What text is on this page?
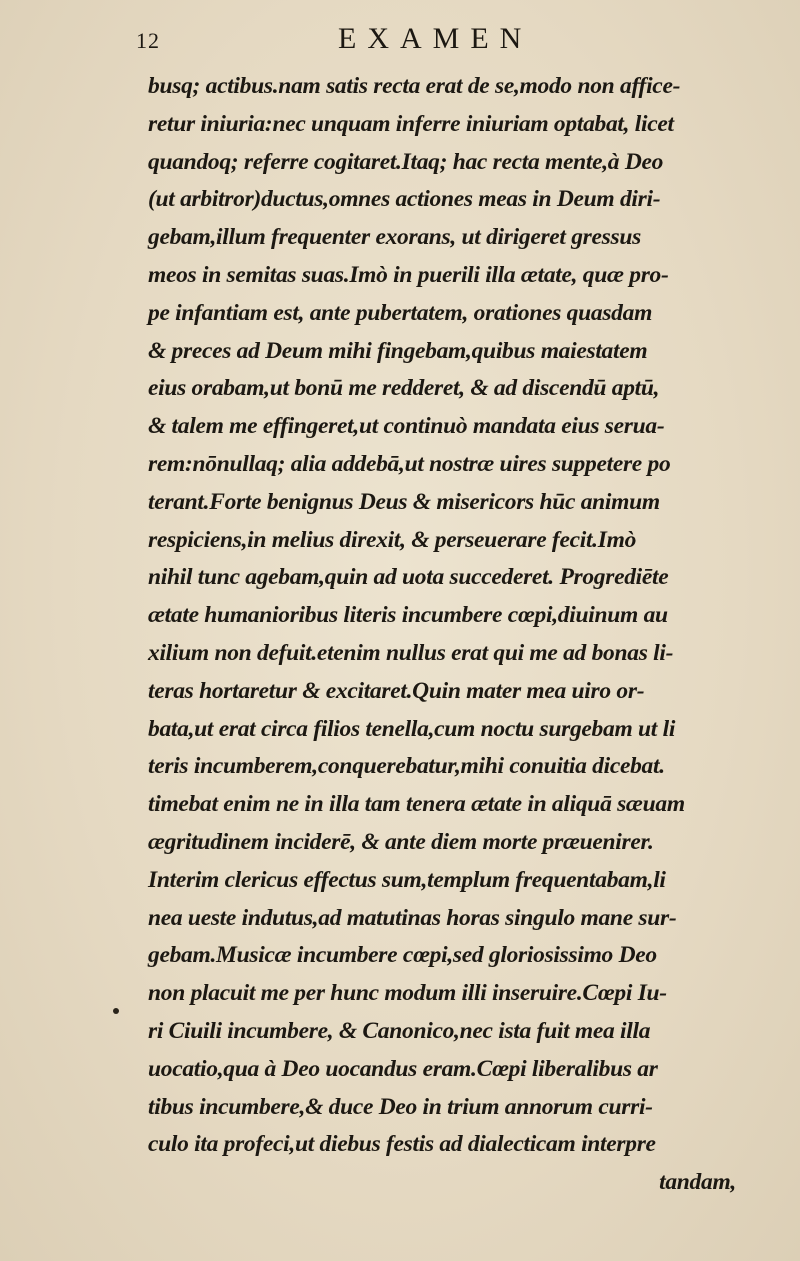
12	EXAMEN
busq; actibus.nam satis recta erat de se,modo non affice-
retur iniuria:nec unquam inferre iniuriam optabat, licet
quandoq; referre cogitaret.Itaq; hac recta mente,à Deo
(ut arbitror)ductus,omnes actiones meas in Deum diri-
gebam,illum frequenter exorans, ut dirigeret gressus
meos in semitas suas.Imò in puerili illa ætate, quæ pro-
pe infantiam est, ante pubertatem, orationes quasdam
& preces ad Deum mihi fingebam,quibus maiestatem
eius orabam,ut bonū me redderet, & ad discendū aptū,
& talem me effingeret,ut continuò mandata eius serua-
rem:nōnullaq; alia addebā,ut nostræ uires suppetere po
terant.Forte benignus Deus & misericors hūc animum
respiciens,in melius direxit, & perseuerare fecit.Imò
nihil tunc agebam,quin ad uota succederet. Progrediēte
ætate humanioribus literis incumbere cœpi,diuinum au
xilium non defuit.etenim nullus erat qui me ad bonas li-
teras hortaretur & excitaret.Quin mater mea uiro or-
bata,ut erat circa filios tenella,cum noctu surgebam ut li
teris incumberem,conquerebatur,mihi conuitia dicebat.
timebat enim ne in illa tam tenera ætate in aliquā sæuam
ægritudinem inciderē, & ante diem morte præuenirer.
Interim clericus effectus sum,templum frequentabam,li
nea ueste indutus,ad matutinas horas singulo mane sur-
gebam.Musicæ incumbere cœpi,sed gloriosissimo Deo
non placuit me per hunc modum illi inseruire.Cœpi Iu-
ri Ciuili incumbere, & Canonico,nec ista fuit mea illa
uocatio,qua à Deo uocandus eram.Cœpi liberalibus ar
tibus incumbere,& duce Deo in trium annorum curri-
culo ita profeci,ut diebus festis ad dialecticam interpre
tandam,
